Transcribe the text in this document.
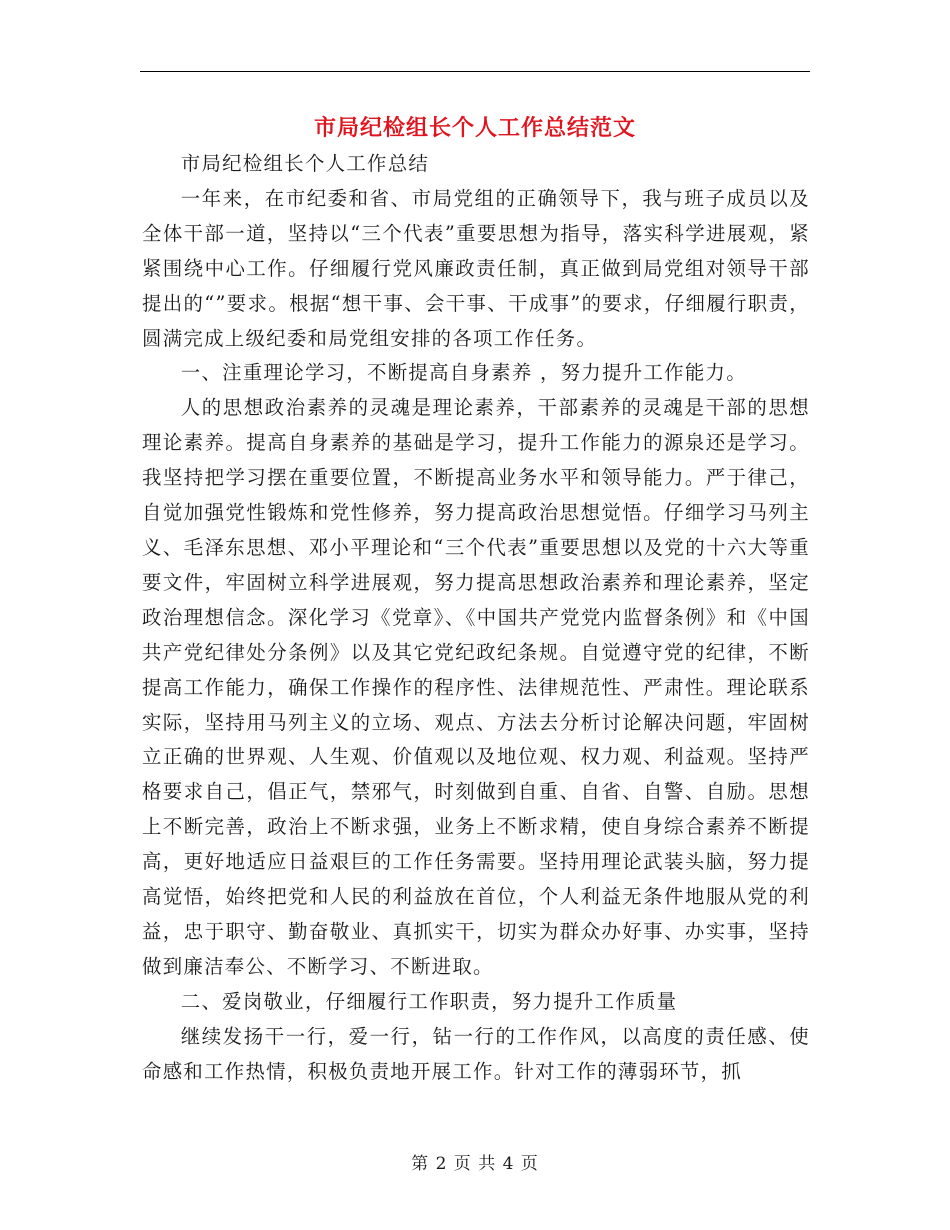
市局纪检组长个人工作总结范文

市局纪检组长个人工作总结

一年来，在市纪委和省、市局党组的正确领导下，我与班子成员以及全体干部一道，坚持以“三个代表”重要思想为指导，落实科学进展观，紧紧围绕中心工作。仔细履行党风廉政责任制，真正做到局党组对领导干部提出的“”要求。根据“想干事、会干事、干成事”的要求，仔细履行职责，圆满完成上级纪委和局党组安排的各项工作任务。

一、注重理论学习，不断提高自身素养 ，努力提升工作能力。

人的思想政治素养的灵魂是理论素养，干部素养的灵魂是干部的思想理论素养。提高自身素养的基础是学习，提升工作能力的源泉还是学习。我坚持把学习摆在重要位置，不断提高业务水平和领导能力。严于律己，自觉加强党性锻炼和党性修养，努力提高政治思想觉悟。仔细学习马列主义、毛泽东思想、邓小平理论和“三个代表”重要思想以及党的十六大等重要文件，牢固树立科学进展观，努力提高思想政治素养和理论素养，坚定政治理想信念。深化学习《党章》、《中国共产党党内监督条例》和《中国共产党纪律处分条例》以及其它党纪政纪条规。自觉遵守党的纪律，不断提高工作能力，确保工作操作的程序性、法律规范性、严肃性。理论联系实际，坚持用马列主义的立场、观点、方法去分析讨论解决问题，牢固树立正确的世界观、人生观、价值观以及地位观、权力观、利益观。坚持严格要求自己，倡正气，禁邪气，时刻做到自重、自省、自警、自励。思想上不断完善，政治上不断求强，业务上不断求精，使自身综合素养不断提高，更好地适应日益艰巨的工作任务需要。坚持用理论武装头脑，努力提高觉悟，始终把党和人民的利益放在首位，个人利益无条件地服从党的利益，忠于职守、勤奋敬业、真抓实干，切实为群众办好事、办实事，坚持做到廉洁奉公、不断学习、不断进取。

二、爱岗敬业，仔细履行工作职责，努力提升工作质量

继续发扬干一行，爱一行，钻一行的工作作风，以高度的责任感、使命感和工作热情，积极负责地开展工作。针对工作的薄弱环节，抓

第 2 页 共 4 页
